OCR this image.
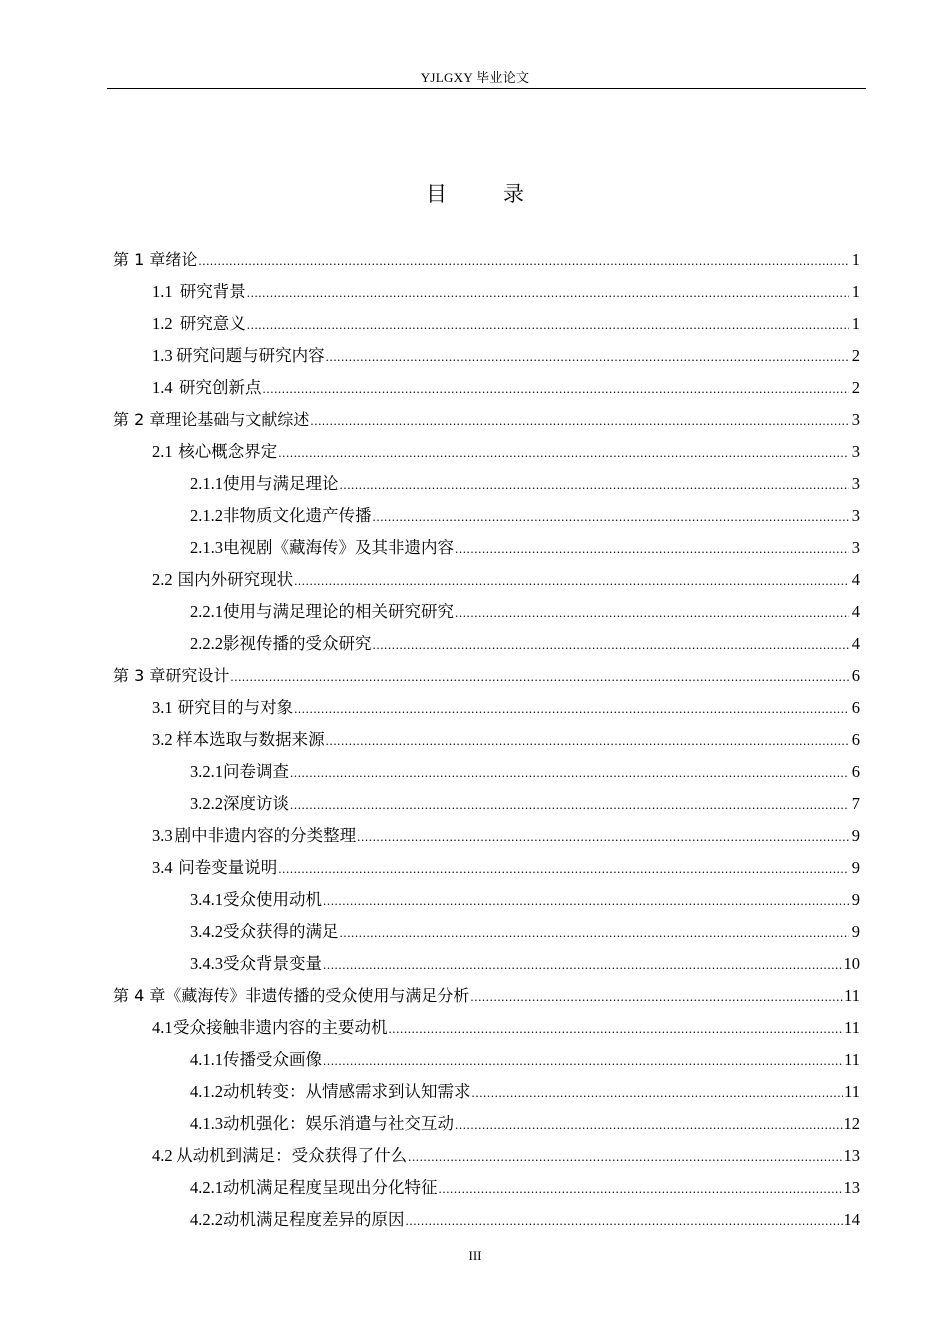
YJLGXY 毕业论文
目	录
第 1 章 绪论 .....	1
1.1 研究背景 .....	1
1.2 研究意义 .....	1
1.3 研究问题与研究内容 .....	2
1.4 研究创新点 .....	2
第 2 章 理论基础与文献综述 .....	3
2.1 核心概念界定 .....	3
2.1.1 使用与满足理论 .....	3
2.1.2 非物质文化遗产传播 .....	3
2.1.3 电视剧《藏海传》及其非遗内容 .....	3
2.2 国内外研究现状 .....	4
2.2.1 使用与满足理论的相关研究研究 .....	4
2.2.2 影视传播的受众研究 .....	4
第 3 章 研究设计 .....	6
3.1 研究目的与对象 .....	6
3.2 样本选取与数据来源 .....	6
3.2.1 问卷调查 .....	6
3.2.2 深度访谈 .....	7
3.3 剧中非遗内容的分类整理 .....	9
3.4 问卷变量说明 .....	9
3.4.1 受众使用动机 .....	9
3.4.2 受众获得的满足 .....	9
3.4.3 受众背景变量 .....	10
第 4 章 《藏海传》非遗传播的受众使用与满足分析 .....	11
4.1 受众接触非遗内容的主要动机 .....	11
4.1.1 传播受众画像 .....	11
4.1.2 动机转变：从情感需求到认知需求 .....	11
4.1.3 动机强化：娱乐消遣与社交互动 .....	12
4.2 从动机到满足：受众获得了什么 .....	13
4.2.1 动机满足程度呈现出分化特征 .....	13
4.2.2 动机满足程度差异的原因 .....	14
III
